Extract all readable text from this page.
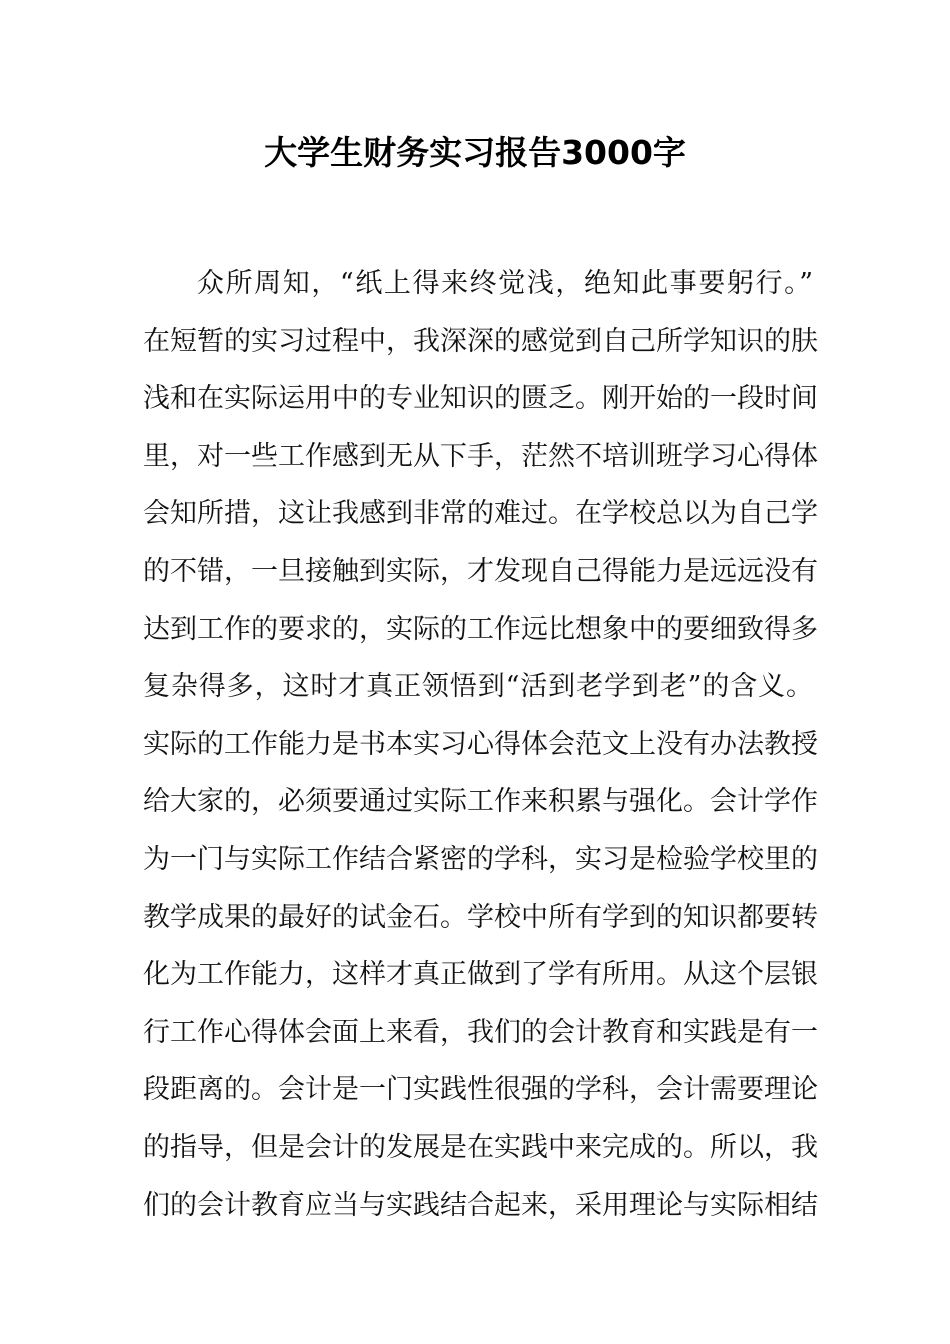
大学生财务实习报告3000字
众所周知，“纸上得来终觉浅，绝知此事要躬行。”
在短暂的实习过程中，我深深的感觉到自己所学知识的肤
浅和在实际运用中的专业知识的匮乏。刚开始的一段时间
里，对一些工作感到无从下手，茫然不培训班学习心得体
会知所措，这让我感到非常的难过。在学校总以为自己学
的不错，一旦接触到实际，才发现自己得能力是远远没有
达到工作的要求的，实际的工作远比想象中的要细致得多
复杂得多，这时才真正领悟到“活到老学到老”的含义。
实际的工作能力是书本实习心得体会范文上没有办法教授
给大家的，必须要通过实际工作来积累与强化。会计学作
为一门与实际工作结合紧密的学科，实习是检验学校里的
教学成果的最好的试金石。学校中所有学到的知识都要转
化为工作能力，这样才真正做到了学有所用。从这个层银
行工作心得体会面上来看，我们的会计教育和实践是有一
段距离的。会计是一门实践性很强的学科，会计需要理论
的指导，但是会计的发展是在实践中来完成的。所以，我
们的会计教育应当与实践结合起来，采用理论与实际相结
